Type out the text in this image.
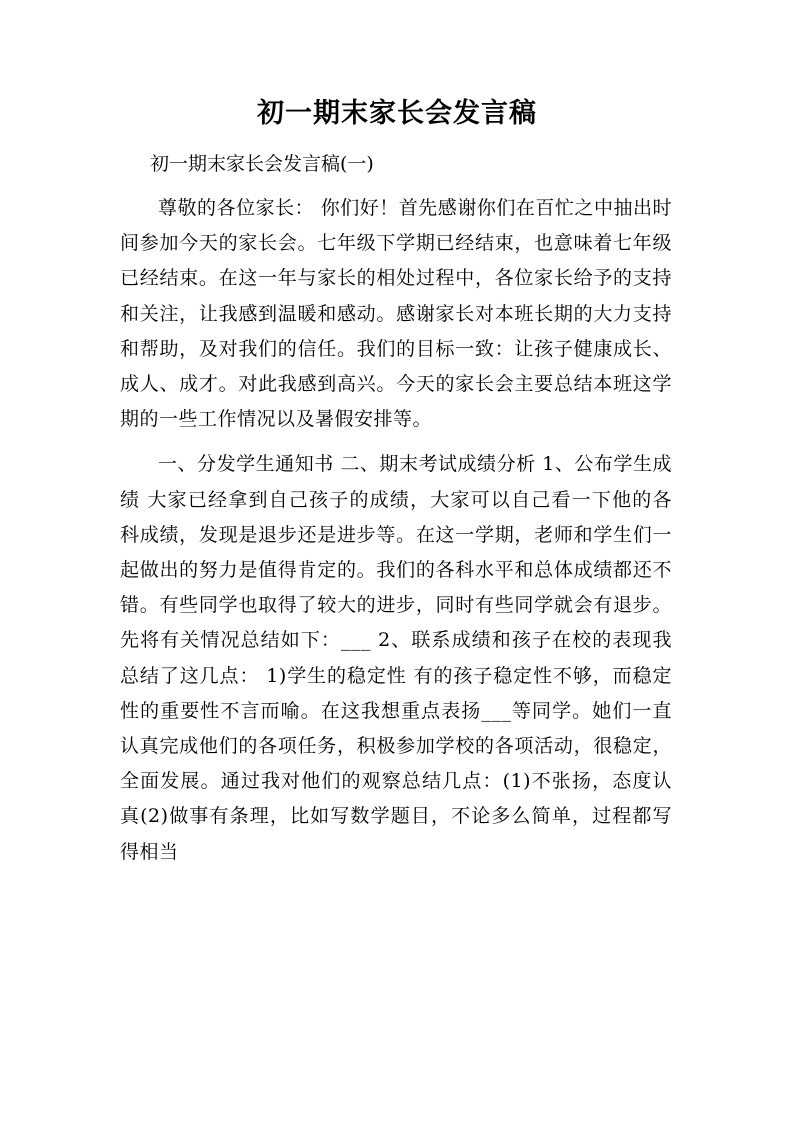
初一期末家长会发言稿

初一期末家长会发言稿(一)

尊敬的各位家长： 你们好！首先感谢你们在百忙之中抽出时间参加今天的家长会。七年级下学期已经结束，也意味着七年级已经结束。在这一年与家长的相处过程中，各位家长给予的支持和关注，让我感到温暖和感动。感谢家长对本班长期的大力支持和帮助，及对我们的信任。我们的目标一致：让孩子健康成长、成人、成才。对此我感到高兴。今天的家长会主要总结本班这学期的一些工作情况以及暑假安排等。

一、分发学生通知书 二、期末考试成绩分析 1、公布学生成绩 大家已经拿到自己孩子的成绩，大家可以自己看一下他的各科成绩，发现是退步还是进步等。在这一学期，老师和学生们一起做出的努力是值得肯定的。我们的各科水平和总体成绩都还不错。有些同学也取得了较大的进步，同时有些同学就会有退步。先将有关情况总结如下：___ 2、联系成绩和孩子在校的表现我总结了这几点： 1)学生的稳定性 有的孩子稳定性不够，而稳定性的重要性不言而喻。在这我想重点表扬___等同学。她们一直认真完成他们的各项任务，积极参加学校的各项活动，很稳定，全面发展。通过我对他们的观察总结几点：(1)不张扬，态度认真(2)做事有条理，比如写数学题目，不论多么简单，过程都写得相当
